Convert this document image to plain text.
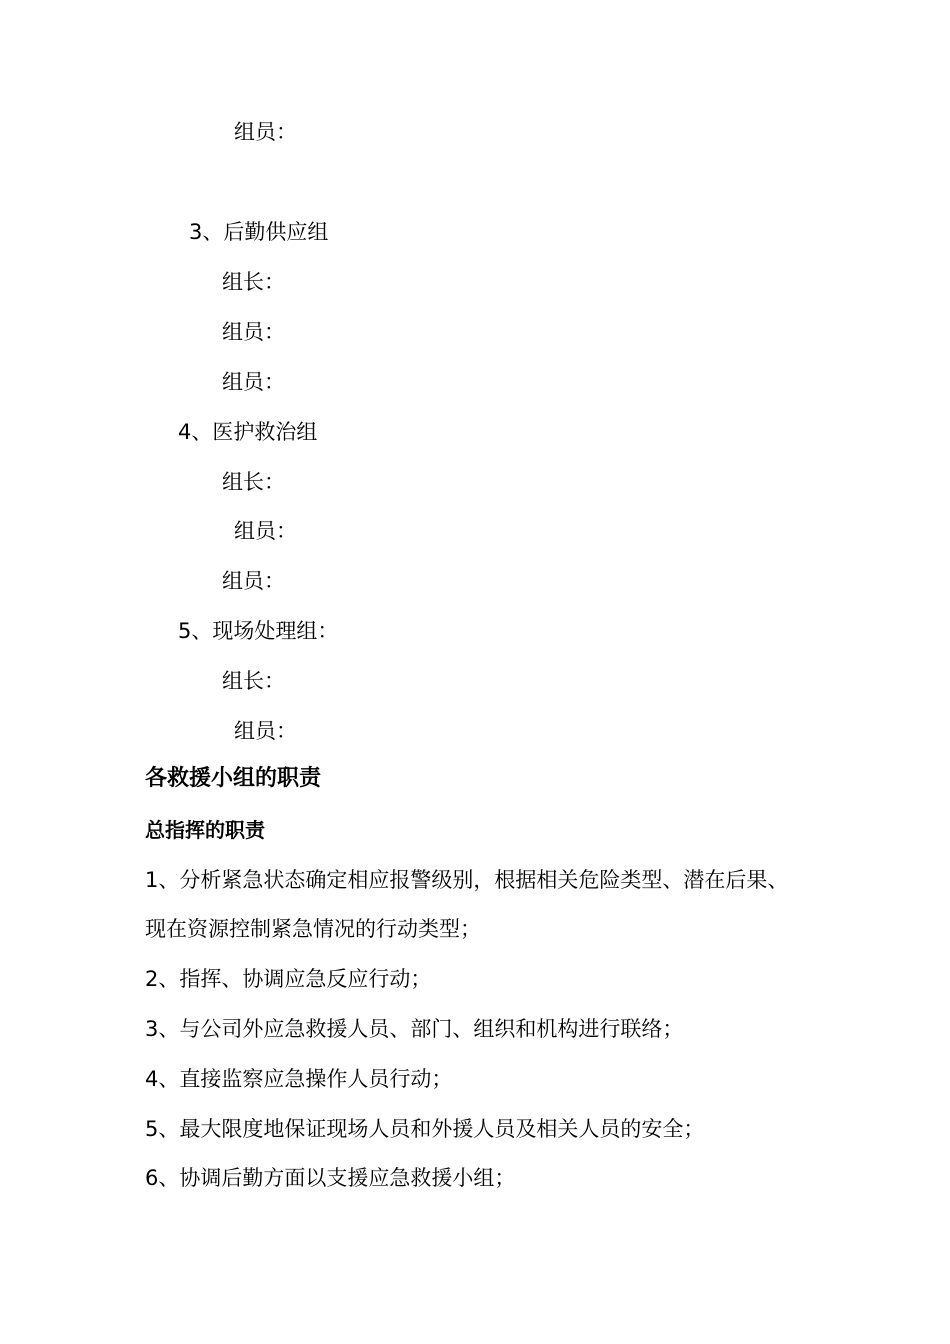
组员：
3、后勤供应组
组长：
组员：
组员：
4、医护救治组
组长：
组员：
组员：
5、现场处理组：
组长：
组员：
各救援小组的职责
总指挥的职责
1、分析紧急状态确定相应报警级别，根据相关危险类型、潜在后果、
现在资源控制紧急情况的行动类型；
2、指挥、协调应急反应行动；
3、与公司外应急救援人员、部门、组织和机构进行联络；
4、直接监察应急操作人员行动；
5、最大限度地保证现场人员和外援人员及相关人员的安全；
6、协调后勤方面以支援应急救援小组；
